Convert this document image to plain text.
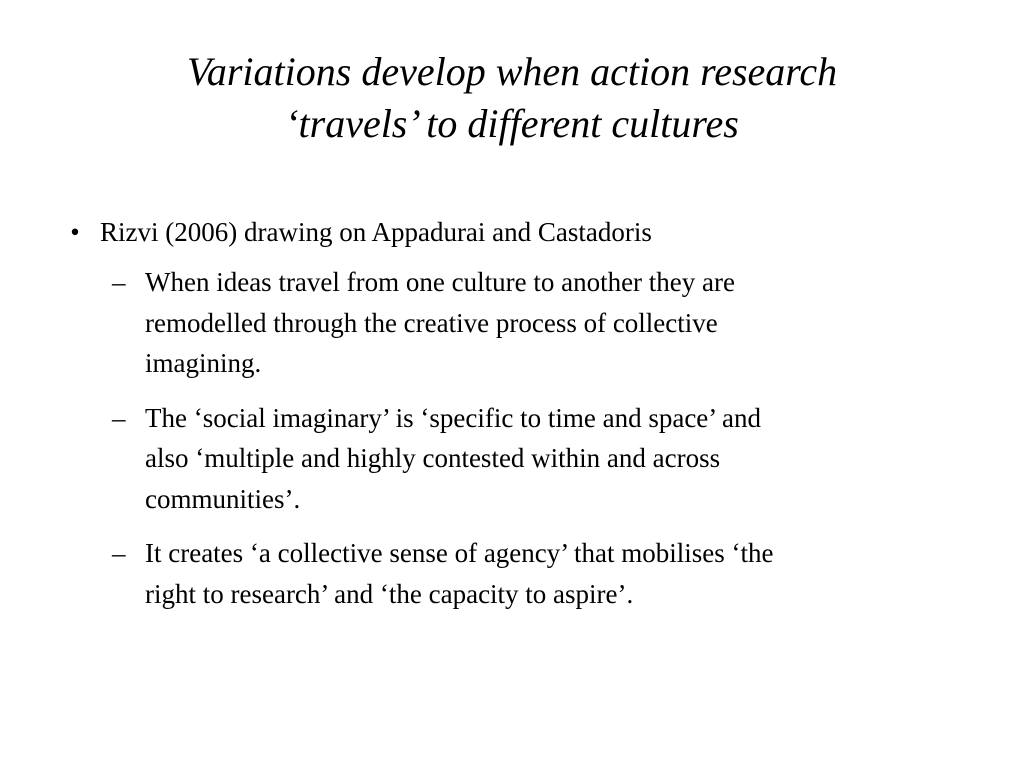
Variations develop when action research
‘travels’ to different cultures
• Rizvi (2006) drawing on Appadurai and Castadoris
– When ideas travel from one culture to another they are
remodelled through the creative process of collective
imagining.
– The ‘social imaginary’ is ‘specific to time and space’ and
also ‘multiple and highly contested within and across
communities’.
– It creates ‘a collective sense of agency’ that mobilises ‘the
right to research’ and ‘the capacity to aspire’.
